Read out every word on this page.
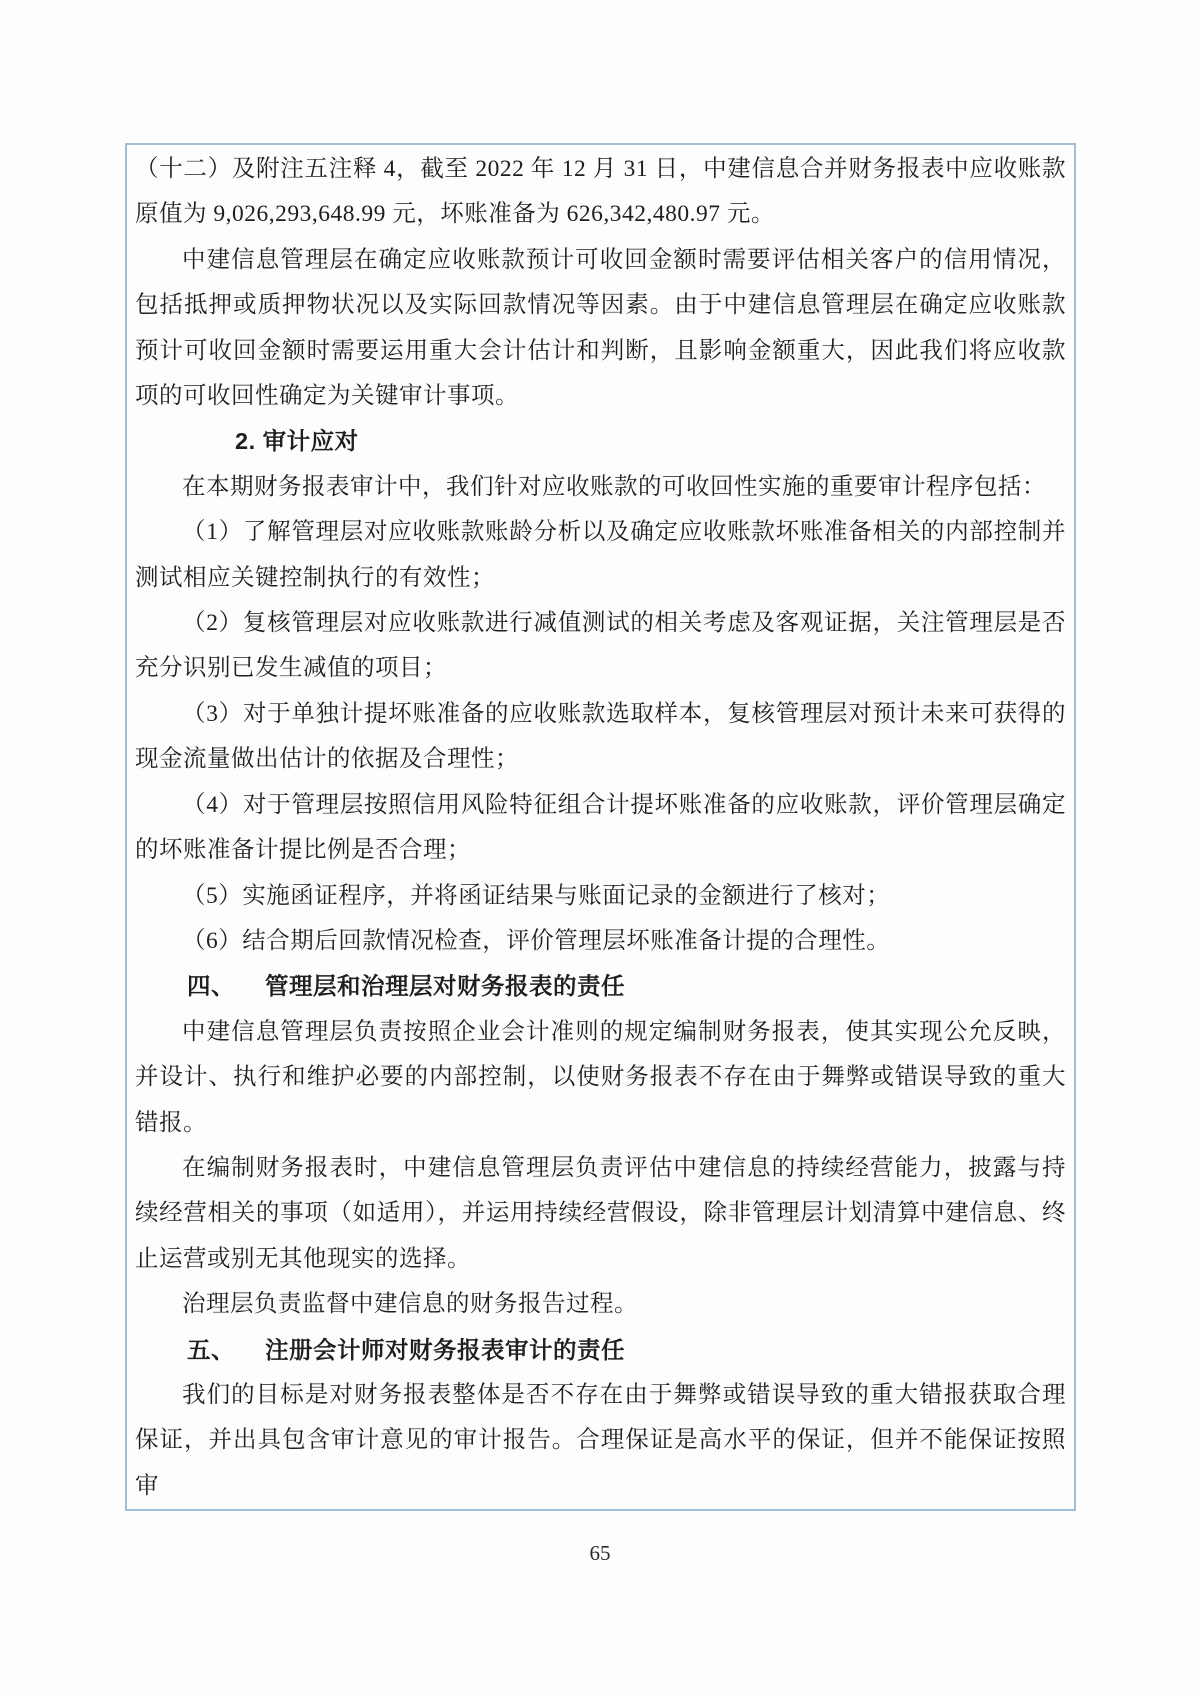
（十二）及附注五注释 4，截至 2022 年 12 月 31 日，中建信息合并财务报表中应收账款原值为 9,026,293,648.99 元，坏账准备为 626,342,480.97 元。

中建信息管理层在确定应收账款预计可收回金额时需要评估相关客户的信用情况，包括抵押或质押物状况以及实际回款情况等因素。由于中建信息管理层在确定应收账款预计可收回金额时需要运用重大会计估计和判断，且影响金额重大，因此我们将应收款项的可收回性确定为关键审计事项。

2. 审计应对

在本期财务报表审计中，我们针对应收账款的可收回性实施的重要审计程序包括：

（1）了解管理层对应收账款账龄分析以及确定应收账款坏账准备相关的内部控制并测试相应关键控制执行的有效性；

（2）复核管理层对应收账款进行减值测试的相关考虑及客观证据，关注管理层是否充分识别已发生减值的项目；

（3）对于单独计提坏账准备的应收账款选取样本，复核管理层对预计未来可获得的现金流量做出估计的依据及合理性；

（4）对于管理层按照信用风险特征组合计提坏账准备的应收账款，评价管理层确定的坏账准备计提比例是否合理；

（5）实施函证程序，并将函证结果与账面记录的金额进行了核对；

（6）结合期后回款情况检查，评价管理层坏账准备计提的合理性。

四、 管理层和治理层对财务报表的责任

中建信息管理层负责按照企业会计准则的规定编制财务报表，使其实现公允反映，并设计、执行和维护必要的内部控制，以使财务报表不存在由于舞弊或错误导致的重大错报。

在编制财务报表时，中建信息管理层负责评估中建信息的持续经营能力，披露与持续经营相关的事项（如适用），并运用持续经营假设，除非管理层计划清算中建信息、终止运营或别无其他现实的选择。

治理层负责监督中建信息的财务报告过程。

五、 注册会计师对财务报表审计的责任

我们的目标是对财务报表整体是否不存在由于舞弊或错误导致的重大错报获取合理保证，并出具包含审计意见的审计报告。合理保证是高水平的保证，但并不能保证按照审

65
